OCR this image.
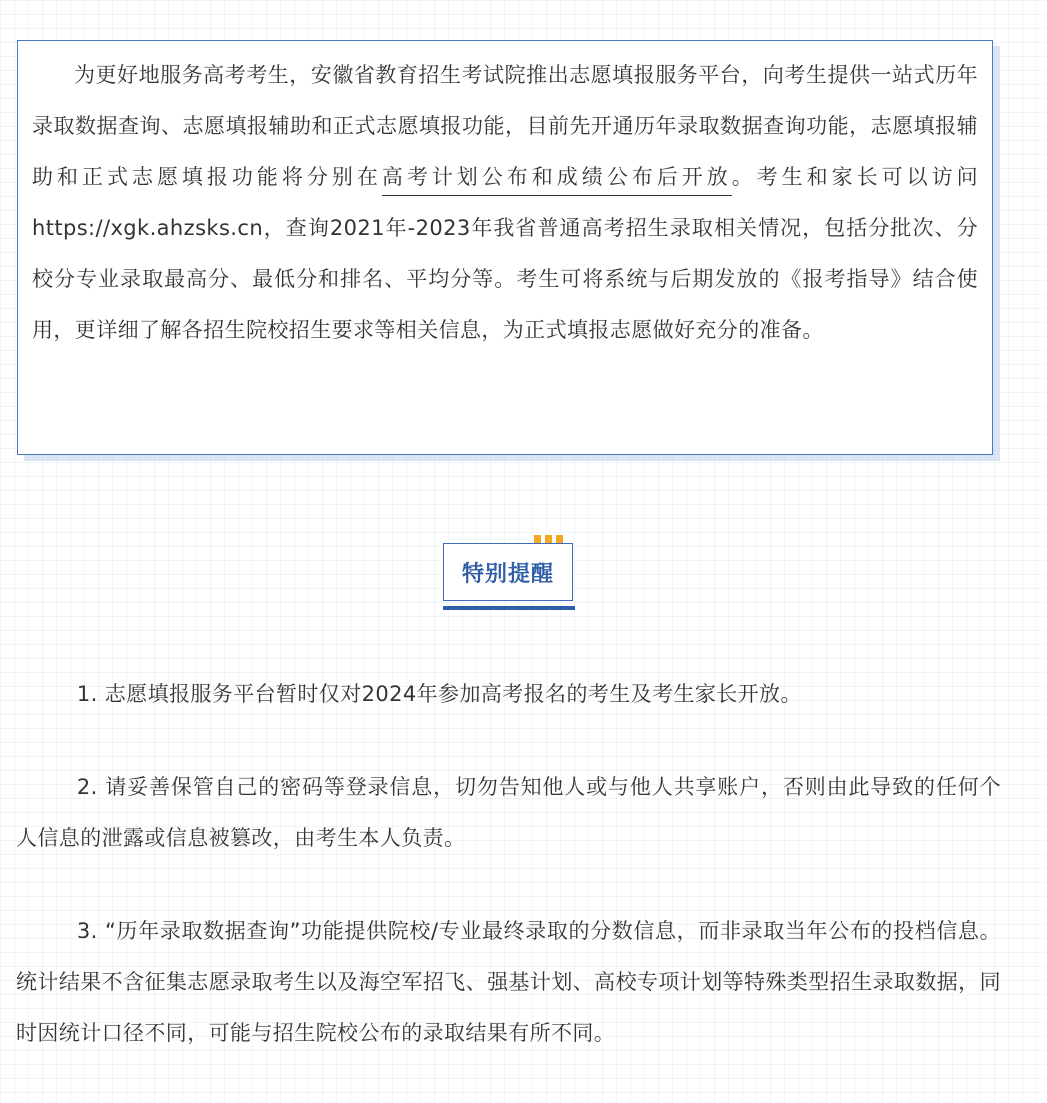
为更好地服务高考考生，安徽省教育招生考试院推出志愿填报服务平台，向考生提供一站式历年录取数据查询、志愿填报辅助和正式志愿填报功能，目前先开通历年录取数据查询功能，志愿填报辅助和正式志愿填报功能将分别在高考计划公布和成绩公布后开放。考生和家长可以访问https://xgk.ahzsks.cn，查询2021年-2023年我省普通高考招生录取相关情况，包括分批次、分校分专业录取最高分、最低分和排名、平均分等。考生可将系统与后期发放的《报考指导》结合使用，更详细了解各招生院校招生要求等相关信息，为正式填报志愿做好充分的准备。

特别提醒

1. 志愿填报服务平台暂时仅对2024年参加高考报名的考生及考生家长开放。

2. 请妥善保管自己的密码等登录信息，切勿告知他人或与他人共享账户，否则由此导致的任何个人信息的泄露或信息被篡改，由考生本人负责。

3. “历年录取数据查询”功能提供院校/专业最终录取的分数信息，而非录取当年公布的投档信息。统计结果不含征集志愿录取考生以及海空军招飞、强基计划、高校专项计划等特殊类型招生录取数据，同时因统计口径不同，可能与招生院校公布的录取结果有所不同。
